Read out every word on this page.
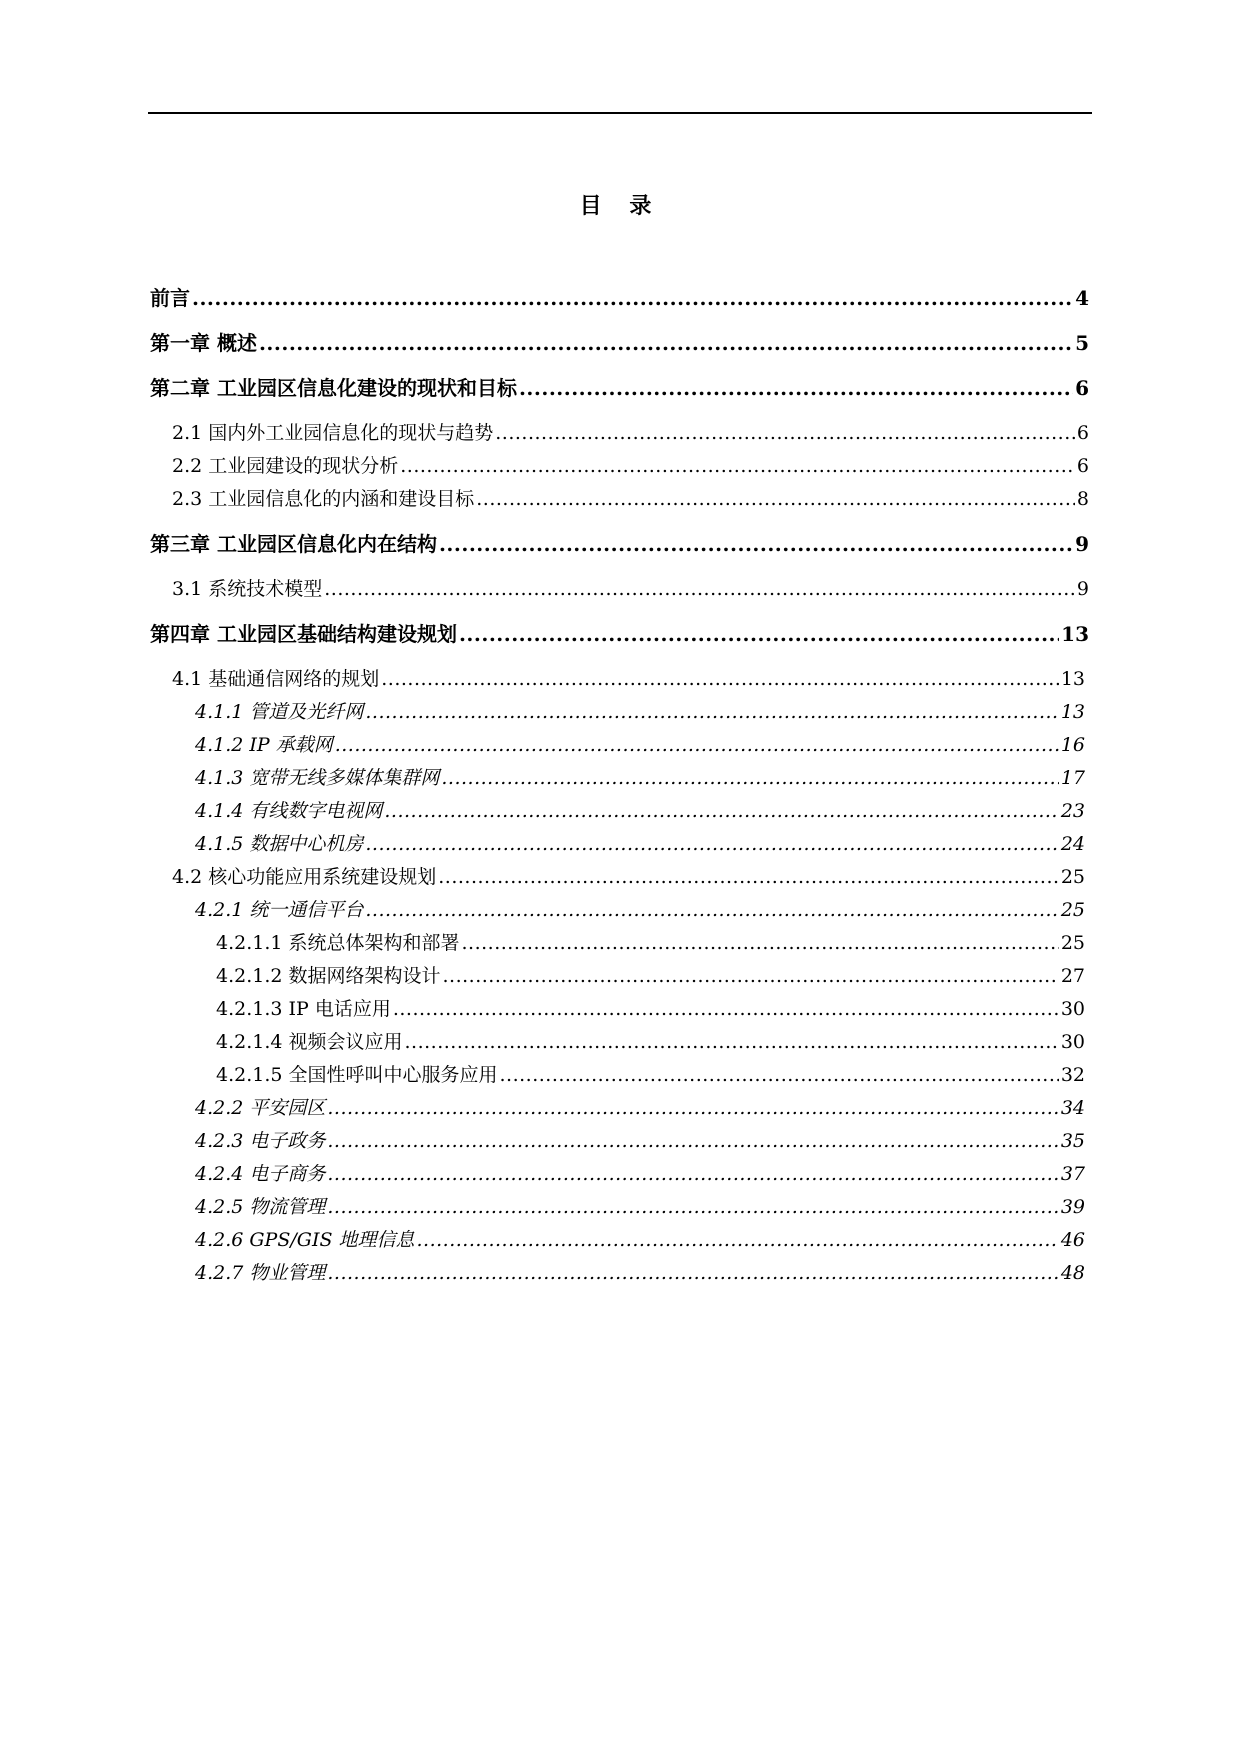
目 录
前言 .....	4
第一章 概述 .....	5
第二章 工业园区信息化建设的现状和目标 .....	6
2.1 国内外工业园信息化的现状与趋势 .....	6
2.2 工业园建设的现状分析 .....	6
2.3 工业园信息化的内涵和建设目标 .....	8
第三章 工业园区信息化内在结构 .....	9
3.1 系统技术模型 .....	9
第四章 工业园区基础结构建设规划 .....	13
4.1 基础通信网络的规划 .....	13
4.1.1 管道及光纤网 .....	13
4.1.2 IP 承载网 .....	16
4.1.3 宽带无线多媒体集群网 .....	17
4.1.4 有线数字电视网 .....	23
4.1.5 数据中心机房 .....	24
4.2 核心功能应用系统建设规划 .....	25
4.2.1 统一通信平台 .....	25
4.2.1.1 系统总体架构和部署 .....	25
4.2.1.2 数据网络架构设计 .....	27
4.2.1.3 IP 电话应用 .....	30
4.2.1.4 视频会议应用 .....	30
4.2.1.5 全国性呼叫中心服务应用 .....	32
4.2.2 平安园区 .....	34
4.2.3 电子政务 .....	35
4.2.4 电子商务 .....	37
4.2.5 物流管理 .....	39
4.2.6 GPS/GIS 地理信息 .....	46
4.2.7 物业管理 .....	48
